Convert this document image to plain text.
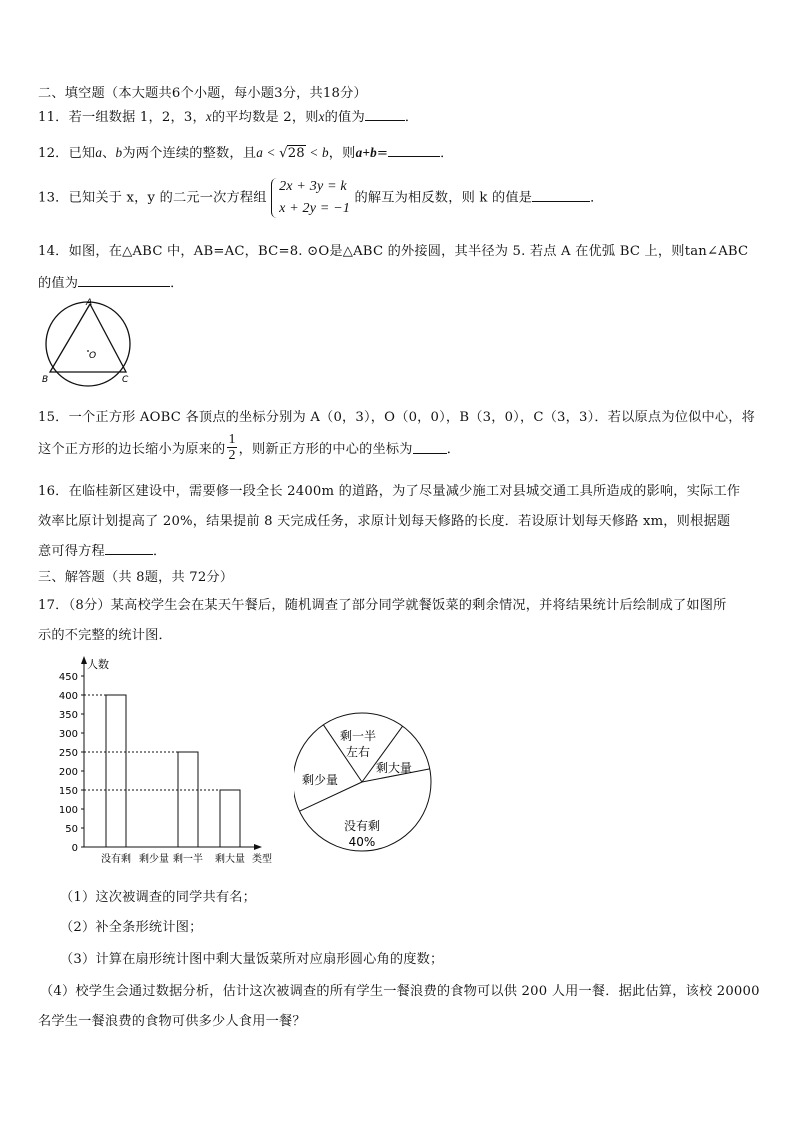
二、填空题（本大题共6个小题，每小题3分，共18分）
11．若一组数据 1，2，3，x的平均数是 2，则x的值为	．
12．已知a、b为两个连续的整数，且a < √28 < b，则a+b=	．
13．已知关于 x，y 的二元一次方程组
2x + 3y = k
x + 2y = −1
的解互为相反数，则 k 的值是	．
14．如图，在△ABC 中，AB=AC，BC=8. ⊙O是△ABC 的外接圆，其半径为 5. 若点 A 在优弧 BC 上，则tan∠ABC
的值为	．
A
B	C
O
15．一个正方形 AOBC 各顶点的坐标分别为 A（0，3），O（0，0），B（3，0），C（3，3）．若以原点为位似中心，将
这个正方形的边长缩小为原来的 $\frac{1}{2}$ ，则新正方形的中心的坐标为	．
16．在临桂新区建设中，需要修一段全长 2400m 的道路，为了尽量减少施工对县城交通工具所造成的影响，实际工作
效率比原计划提高了 20%，结果提前 8 天完成任务，求原计划每天修路的长度．若设原计划每天修路 xm，则根据题
意可得方程	．
三、解答题（共 8题，共 72分）
17．（8分）某高校学生会在某天午餐后，随机调查了部分同学就餐饭菜的剩余情况，并将结果统计后绘制成了如图所
示的不完整的统计图．
人数
0
50
100
150
200
250
300
350
400
450
没有剩 剩少量 剩一半 剩大量 类型
剩一半
左右
剩大量
没有剩
40%
剩少量
（1）这次被调查的同学共有名；
（2）补全条形统计图；
（3）计算在扇形统计图中剩大量饭菜所对应扇形圆心角的度数；
（4）校学生会通过数据分析，估计这次被调查的所有学生一餐浪费的食物可以供 200 人用一餐．据此估算，该校 20000
名学生一餐浪费的食物可供多少人食用一餐？
